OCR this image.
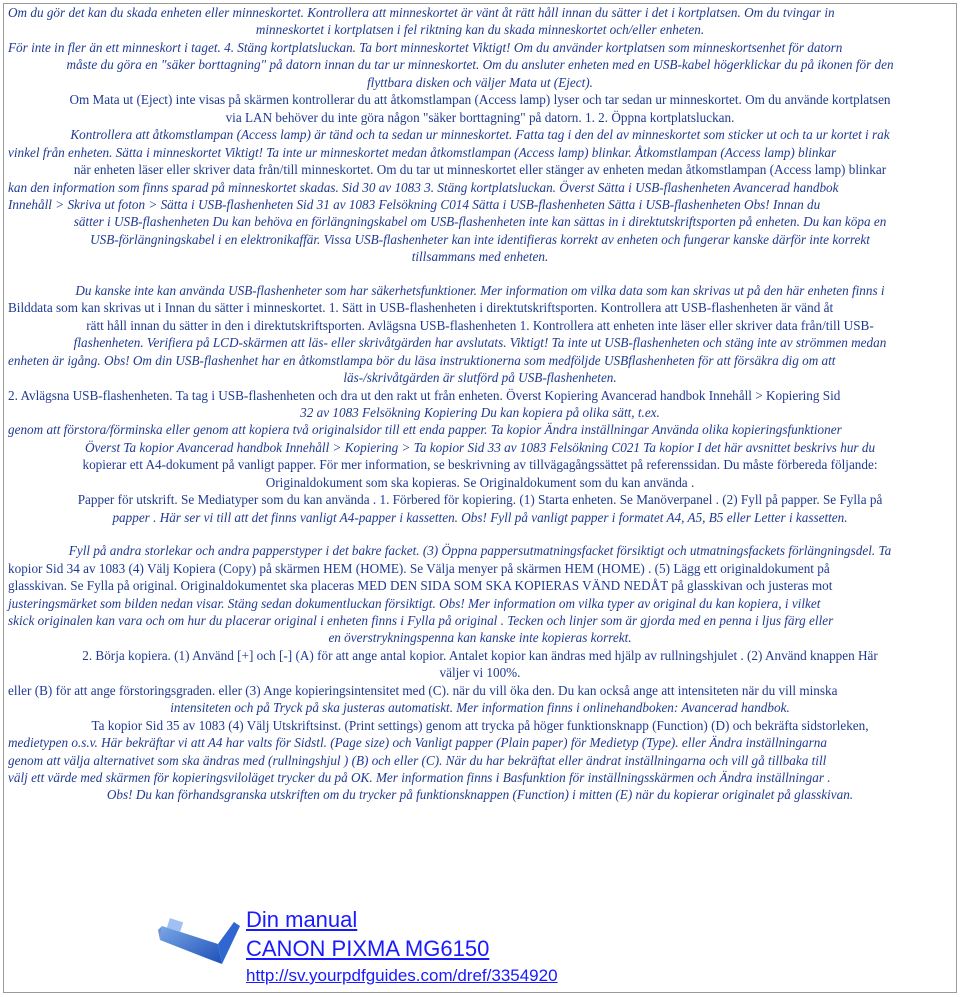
Om du gör det kan du skada enheten eller minneskortet. Kontrollera att minneskortet är vänt åt rätt håll innan du sätter i det i kortplatsen. Om du tvingar in
minneskortet i kortplatsen i fel riktning kan du skada minneskortet och/eller enheten.
För inte in fler än ett minneskort i taget. 4. Stäng kortplatsluckan. Ta bort minneskortet Viktigt! Om du använder kortplatsen som minneskortsenhet för datorn
måste du göra en "säker borttagning" på datorn innan du tar ur minneskortet. Om du ansluter enheten med en USB-kabel högerklickar du på ikonen för den
flyttbara disken och väljer Mata ut (Eject).
Om Mata ut (Eject) inte visas på skärmen kontrollerar du att åtkomstlampan (Access lamp) lyser och tar sedan ur minneskortet. Om du använde kortplatsen
via LAN behöver du inte göra någon "säker borttagning" på datorn. 1. 2. Öppna kortplatsluckan.
Kontrollera att åtkomstlampan (Access lamp) är tänd och ta sedan ur minneskortet. Fatta tag i den del av minneskortet som sticker ut och ta ur kortet i rak
vinkel från enheten. Sätta i minneskortet Viktigt! Ta inte ur minneskortet medan åtkomstlampan (Access lamp) blinkar. Åtkomstlampan (Access lamp) blinkar
när enheten läser eller skriver data från/till minneskortet. Om du tar ut minneskortet eller stänger av enheten medan åtkomstlampan (Access lamp) blinkar
kan den information som finns sparad på minneskortet skadas. Sid 30 av 1083 3. Stäng kortplatsluckan. Överst Sätta i USB-flashenheten Avancerad handbok
Innehåll > Skriva ut foton > Sätta i USB-flashenheten Sid 31 av 1083 Felsökning C014 Sätta i USB-flashenheten Sätta i USB-flashenheten Obs! Innan du
sätter i USB-flashenheten Du kan behöva en förlängningskabel om USB-flashenheten inte kan sättas in i direktutskriftsporten på enheten. Du kan köpa en
USB-förlängningskabel i en elektronikaffär. Vissa USB-flashenheter kan inte identifieras korrekt av enheten och fungerar kanske därför inte korrekt
tillsammans med enheten.
Du kanske inte kan använda USB-flashenheter som har säkerhetsfunktioner. Mer information om vilka data som kan skrivas ut på den här enheten finns i
Bilddata som kan skrivas ut i Innan du sätter i minneskortet. 1. Sätt in USB-flashenheten i direktutskriftsporten. Kontrollera att USB-flashenheten är vänd åt
rätt håll innan du sätter in den i direktutskriftsporten. Avlägsna USB-flashenheten 1. Kontrollera att enheten inte läser eller skriver data från/till USB-
flashenheten. Verifiera på LCD-skärmen att läs- eller skrivåtgärden har avslutats. Viktigt! Ta inte ut USB-flashenheten och stäng inte av strömmen medan
enheten är igång. Obs! Om din USB-flashenhet har en åtkomstlampa bör du läsa instruktionerna som medföljde USBflashenheten för att försäkra dig om att
läs-/skrivåtgärden är slutförd på USB-flashenheten.
2. Avlägsna USB-flashenheten. Ta tag i USB-flashenheten och dra ut den rakt ut från enheten. Överst Kopiering Avancerad handbok Innehåll > Kopiering Sid
32 av 1083 Felsökning Kopiering Du kan kopiera på olika sätt, t.ex.
genom att förstora/förminska eller genom att kopiera två originalsidor till ett enda papper. Ta kopior Ändra inställningar Använda olika kopieringsfunktioner
Överst Ta kopior Avancerad handbok Innehåll > Kopiering > Ta kopior Sid 33 av 1083 Felsökning C021 Ta kopior I det här avsnittet beskrivs hur du
kopierar ett A4-dokument på vanligt papper. För mer information, se beskrivning av tillvägagångssättet på referenssidan. Du måste förbereda följande:
Originaldokument som ska kopieras. Se Originaldokument som du kan använda .
Papper för utskrift. Se Mediatyper som du kan använda . 1. Förbered för kopiering. (1) Starta enheten. Se Manöverpanel . (2) Fyll på papper. Se Fylla på
papper . Här ser vi till att det finns vanligt A4-papper i kassetten. Obs! Fyll på vanligt papper i formatet A4, A5, B5 eller Letter i kassetten.
Fyll på andra storlekar och andra papperstyper i det bakre facket. (3) Öppna pappersutmatningsfacket försiktigt och utmatningsfackets förlängningsdel. Ta
kopior Sid 34 av 1083 (4) Välj Kopiera (Copy) på skärmen HEM (HOME). Se Välja menyer på skärmen HEM (HOME) . (5) Lägg ett originaldokument på
glasskivan. Se Fylla på original. Originaldokumentet ska placeras MED DEN SIDA SOM SKA KOPIERAS VÄND NEDÅT på glasskivan och justeras mot
justeringsmärket som bilden nedan visar. Stäng sedan dokumentluckan försiktigt. Obs! Mer information om vilka typer av original du kan kopiera, i vilket
skick originalen kan vara och om hur du placerar original i enheten finns i Fylla på original . Tecken och linjer som är gjorda med en penna i ljus färg eller
en överstrykningspenna kan kanske inte kopieras korrekt.
2. Börja kopiera. (1) Använd [+] och [-] (A) för att ange antal kopior. Antalet kopior kan ändras med hjälp av rullningshjulet . (2) Använd knappen Här
väljer vi 100%.
eller (B) för att ange förstoringsgraden. eller (3) Ange kopieringsintensitet med (C). när du vill öka den. Du kan också ange att intensiteten när du vill minska
intensiteten och på Tryck på ska justeras automatiskt. Mer information finns i onlinehandboken: Avancerad handbok.
Ta kopior Sid 35 av 1083 (4) Välj Utskriftsinst. (Print settings) genom att trycka på höger funktionsknapp (Function) (D) och bekräfta sidstorleken,
medietypen o.s.v. Här bekräftar vi att A4 har valts för Sidstl. (Page size) och Vanligt papper (Plain paper) för Medietyp (Type). eller Ändra inställningarna
genom att välja alternativet som ska ändras med (rullningshjul ) (B) och eller (C). När du har bekräftat eller ändrat inställningarna och vill gå tillbaka till
välj ett värde med skärmen för kopieringsviloläget trycker du på OK. Mer information finns i Basfunktion för inställningsskärmen och Ändra inställningar .
Obs! Du kan förhandsgranska utskriften om du trycker på funktionsknappen (Function) i mitten (E) när du kopierar originalet på glasskivan.
Din manual
CANON PIXMA MG6150
http://sv.yourpdfguides.com/dref/3354920
